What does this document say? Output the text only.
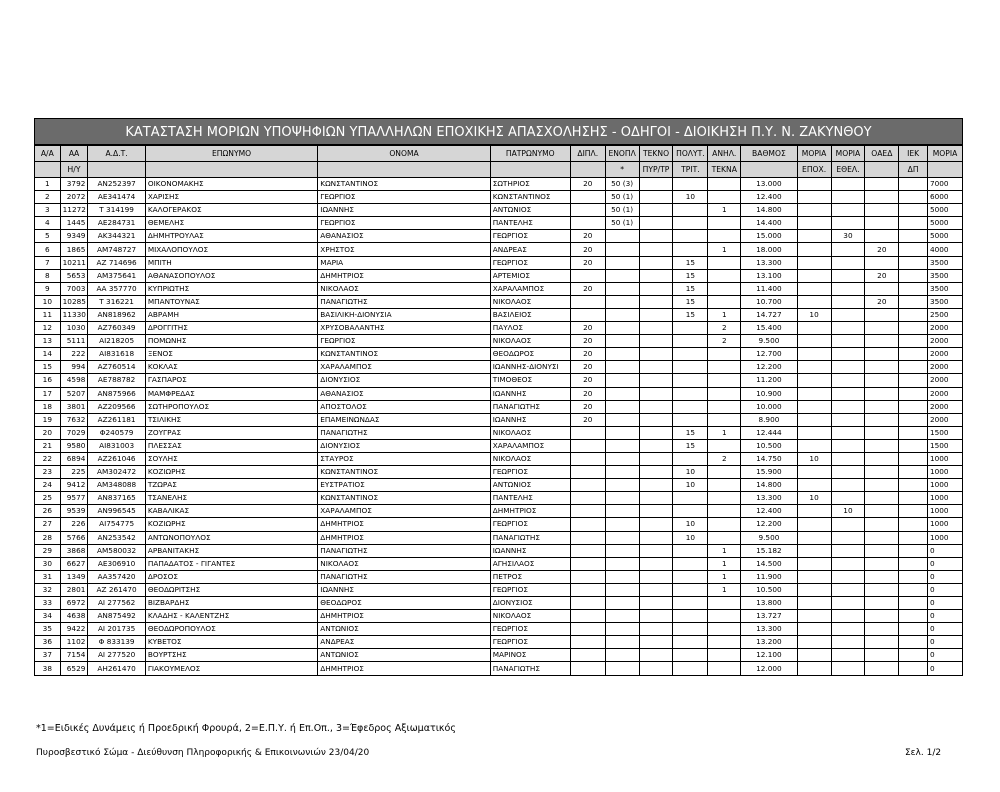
ΚΑΤΑΣΤΑΣΗ ΜΟΡΙΩΝ ΥΠΟΨΗΦΙΩΝ ΥΠΑΛΛΗΛΩΝ ΕΠΟΧΙΚΗΣ ΑΠΑΣΧΟΛΗΣΗΣ - ΟΔΗΓΟΙ - ΔΙΟΙΚΗΣΗ Π.Υ. Ν. ΖΑΚΥΝΘΟΥ
Α/Α	ΑΑ	Α.Δ.Τ.	ΕΠΩΝΥΜΟ	ΟΝΟΜΑ	ΠΑΤΡΩΝΥΜΟ	ΔΙΠΛ.	ΕΝΟΠΛ	ΤΕΚΝΟ	ΠΟΛΥΤ.	ΑΝΗΛ.	ΒΑΘΜΟΣ	ΜΟΡΙΑ	ΜΟΡΙΑ	ΟΑΕΔ	ΙΕΚ	ΜΟΡΙΑ
	Η/Υ						*	ΠΥΡ/ΤΡ	ΤΡΙΤ.	ΤΕΚΝΑ		ΕΠΟΧ.	ΕΘΕΛ.		ΔΠ	
1	3792	ΑΝ252397	ΟΙΚΟΝΟΜΑΚΗΣ	ΚΩΝΣΤΑΝΤΙΝΟΣ	ΣΩΤΗΡΙΟΣ	20	50 (3)				13.000					7000
2	2072	ΑΕ341474	ΧΑΡΙΣΗΣ	ΓΕΩΡΓΙΟΣ	ΚΩΝΣΤΑΝΤΙΝΟΣ		50 (1)		10		12.400					6000
3	11272	Τ 314199	ΚΑΛΟΓΕΡΑΚΟΣ	ΙΩΑΝΝΗΣ	ΑΝΤΩΝΙΟΣ		50 (1)			1	14.800					5000
4	1445	ΑΕ284731	ΘΕΜΕΛΗΣ	ΓΕΩΡΓΙΟΣ	ΠΑΝΤΕΛΗΣ		50 (1)				14.400					5000
5	9349	ΑΚ344321	ΔΗΜΗΤΡΟΥΛΑΣ	ΑΘΑΝΑΣΙΟΣ	ΓΕΩΡΓΙΟΣ	20					15.000		30			5000
6	1865	ΑΜ748727	ΜΙΧΑΛΟΠΟΥΛΟΣ	ΧΡΗΣΤΟΣ	ΑΝΔΡΕΑΣ	20				1	18.000			20		4000
7	10211	ΑΖ 714696	ΜΠΙΤΗ	ΜΑΡΙΑ	ΓΕΩΡΓΙΟΣ	20			15		13.300					3500
8	5653	ΑΜ375641	ΑΘΑΝΑΣΟΠΟΥΛΟΣ	ΔΗΜΗΤΡΙΟΣ	ΑΡΤΕΜΙΟΣ				15		13.100			20		3500
9	7003	ΑΑ 357770	ΚΥΠΡΙΩΤΗΣ	ΝΙΚΟΛΑΟΣ	ΧΑΡΑΛΑΜΠΟΣ	20			15		11.400					3500
10	10285	Τ 316221	ΜΠΑΝΤΟΥΝΑΣ	ΠΑΝΑΓΙΩΤΗΣ	ΝΙΚΟΛΑΟΣ				15		10.700			20		3500
11	11330	ΑΝ818962	ΑΒΡΑΜΗ	ΒΑΣΙΛΙΚΗ-ΔΙΟΝΥΣΙΑ	ΒΑΣΙΛΕΙΟΣ				15	1	14.727	10				2500
12	1030	ΑΖ760349	ΔΡΟΓΓΙΤΗΣ	ΧΡΥΣΟΒΑΛΑΝΤΗΣ	ΠΑΥΛΟΣ	20				2	15.400					2000
13	5111	ΑΙ218205	ΠΟΜΩΝΗΣ	ΓΕΩΡΓΙΟΣ	ΝΙΚΟΛΑΟΣ	20				2	9.500					2000
14	222	ΑΙ831618	ΞΕΝΟΣ	ΚΩΝΣΤΑΝΤΙΝΟΣ	ΘΕΟΔΩΡΟΣ	20					12.700					2000
15	994	ΑΖ760514	ΚΟΚΛΑΣ	ΧΑΡΑΛΑΜΠΟΣ	ΙΩΑΝΝΗΣ-ΔΙΟΝΥΣΙ	20					12.200					2000
16	4598	ΑΕ788782	ΓΑΣΠΑΡΟΣ	ΔΙΟΝΥΣΙΟΣ	ΤΙΜΟΘΕΟΣ	20					11.200					2000
17	5207	ΑΝ875966	ΜΑΜΦΡΕΔΑΣ	ΑΘΑΝΑΣΙΟΣ	ΙΩΑΝΝΗΣ	20					10.900					2000
18	3801	ΑΖ209566	ΣΩΤΗΡΟΠΟΥΛΟΣ	ΑΠΟΣΤΟΛΟΣ	ΠΑΝΑΓΙΩΤΗΣ	20					10.000					2000
19	7632	ΑΖ261181	ΤΣΙΛΙΚΗΣ	ΕΠΑΜΕΙΝΩΝΔΑΣ	ΙΩΑΝΝΗΣ	20					8.900					2000
20	7029	Φ240579	ΖΟΥΓΡΑΣ	ΠΑΝΑΓΙΩΤΗΣ	ΝΙΚΟΛΑΟΣ				15	1	12.444					1500
21	9580	ΑΙ831003	ΠΛΕΣΣΑΣ	ΔΙΟΝΥΣΙΟΣ	ΧΑΡΑΛΑΜΠΟΣ				15		10.500					1500
22	6894	ΑΖ261046	ΣΟΥΛΗΣ	ΣΤΑΥΡΟΣ	ΝΙΚΟΛΑΟΣ					2	14.750	10				1000
23	225	ΑΜ302472	ΚΟΖΙΩΡΗΣ	ΚΩΝΣΤΑΝΤΙΝΟΣ	ΓΕΩΡΓΙΟΣ				10		15.900					1000
24	9412	ΑΜ348088	ΤΖΩΡΑΣ	ΕΥΣΤΡΑΤΙΟΣ	ΑΝΤΩΝΙΟΣ				10		14.800					1000
25	9577	ΑΝ837165	ΤΣΑΝΕΛΗΣ	ΚΩΝΣΤΑΝΤΙΝΟΣ	ΠΑΝΤΕΛΗΣ						13.300	10				1000
26	9539	ΑΝ996545	ΚΑΒΑΛΙΚΑΣ	ΧΑΡΑΛΑΜΠΟΣ	ΔΗΜΗΤΡΙΟΣ						12.400		10			1000
27	226	ΑΙ754775	ΚΟΖΙΩΡΗΣ	ΔΗΜΗΤΡΙΟΣ	ΓΕΩΡΓΙΟΣ				10		12.200					1000
28	5766	ΑΝ253542	ΑΝΤΩΝΟΠΟΥΛΟΣ	ΔΗΜΗΤΡΙΟΣ	ΠΑΝΑΓΙΩΤΗΣ				10		9.500					1000
29	3868	ΑΜ580032	ΑΡΒΑΝΙΤΑΚΗΣ	ΠΑΝΑΓΙΩΤΗΣ	ΙΩΑΝΝΗΣ					1	15.182					0
30	6627	ΑΕ306910	ΠΑΠΑΔΑΤΟΣ - ΓΙΓΑΝΤΕΣ	ΝΙΚΟΛΑΟΣ	ΑΓΗΣΙΛΑΟΣ					1	14.500					0
31	1349	ΑΑ357420	ΔΡΟΣΟΣ	ΠΑΝΑΓΙΩΤΗΣ	ΠΕΤΡΟΣ					1	11.900					0
32	2801	ΑΖ 261470	ΘΕΟΔΩΡΙΤΣΗΣ	ΙΩΑΝΝΗΣ	ΓΕΩΡΓΙΟΣ					1	10.500					0
33	6972	ΑΙ 277562	ΒΙΖΒΑΡΔΗΣ	ΘΕΟΔΩΡΟΣ	ΔΙΟΝΥΣΙΟΣ						13.800					0
34	4638	ΑΝ875492	ΚΛΑΔΗΣ - ΚΑΛΕΝΤΖΗΣ	ΔΗΜΗΤΡΙΟΣ	ΝΙΚΟΛΑΟΣ						13.727					0
35	9422	ΑΙ 201735	ΘΕΟΔΩΡΟΠΟΥΛΟΣ	ΑΝΤΩΝΙΟΣ	ΓΕΩΡΓΙΟΣ						13.300					0
36	1102	Φ 833139	ΚΥΒΕΤΟΣ	ΑΝΔΡΕΑΣ	ΓΕΩΡΓΙΟΣ						13.200					0
37	7154	ΑΙ 277520	ΒΟΥΡΤΣΗΣ	ΑΝΤΩΝΙΟΣ	ΜΑΡΙΝΟΣ						12.100					0
38	6529	ΑΗ261470	ΓΙΑΚΟΥΜΕΛΟΣ	ΔΗΜΗΤΡΙΟΣ	ΠΑΝΑΓΙΩΤΗΣ						12.000					0
*1=Ειδικές Δυνάμεις ή Προεδρική Φρουρά, 2=Ε.Π.Υ. ή Επ.Οπ., 3=Έφεδρος Αξιωματικός
Πυροσβεστικό Σώμα - Διεύθυνση Πληροφορικής & Επικοινωνιών 23/04/20	Σελ. 1/2
